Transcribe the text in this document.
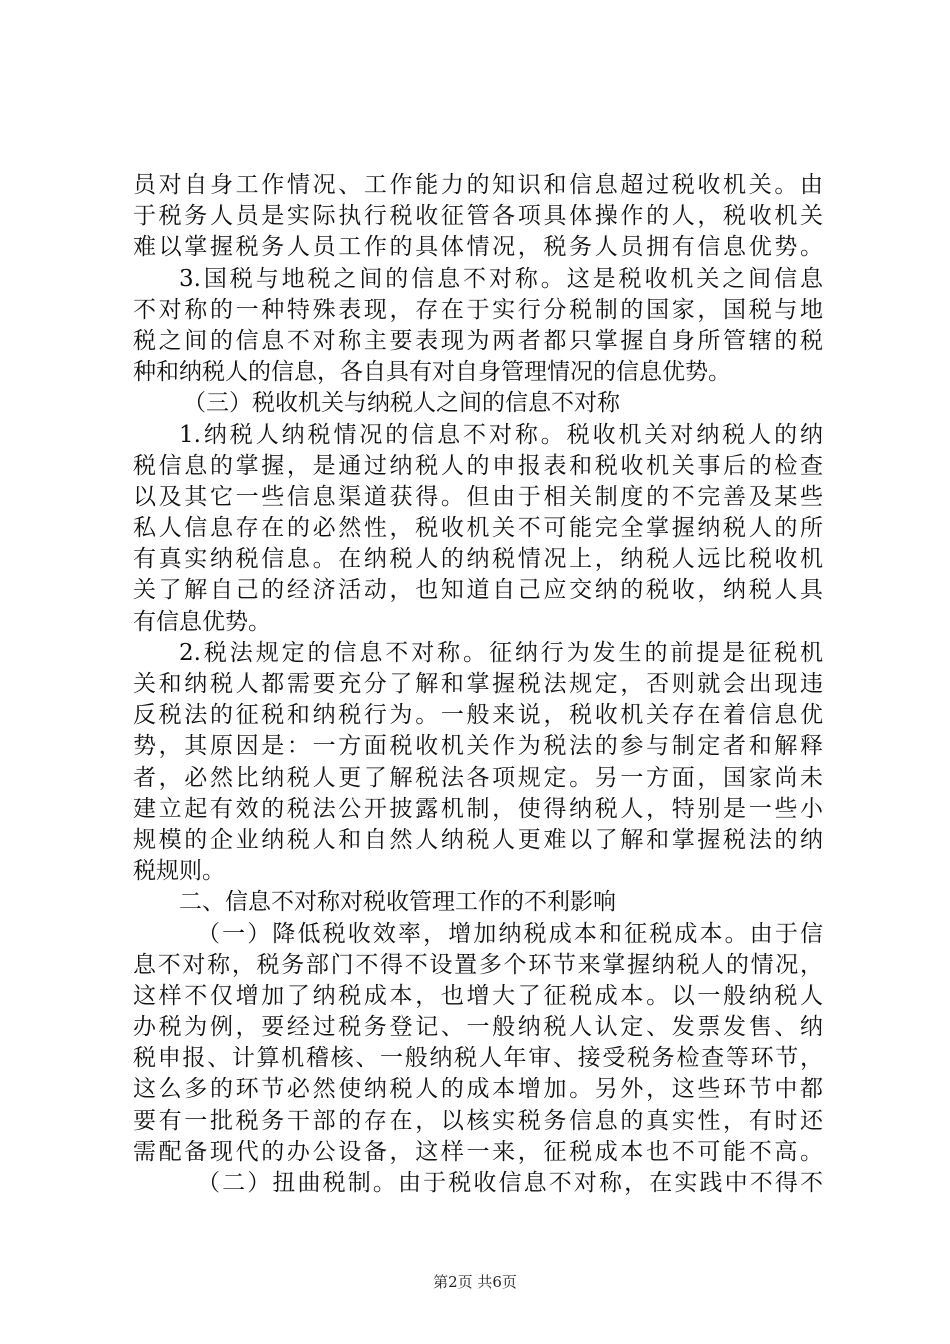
员对自身工作情况、工作能力的知识和信息超过税收机关。由
于税务人员是实际执行税收征管各项具体操作的人，税收机关
难以掌握税务人员工作的具体情况，税务人员拥有信息优势。
3.国税与地税之间的信息不对称。这是税收机关之间信息
不对称的一种特殊表现，存在于实行分税制的国家，国税与地
税之间的信息不对称主要表现为两者都只掌握自身所管辖的税
种和纳税人的信息，各自具有对自身管理情况的信息优势。
（三）税收机关与纳税人之间的信息不对称
1.纳税人纳税情况的信息不对称。税收机关对纳税人的纳
税信息的掌握，是通过纳税人的申报表和税收机关事后的检查
以及其它一些信息渠道获得。但由于相关制度的不完善及某些
私人信息存在的必然性，税收机关不可能完全掌握纳税人的所
有真实纳税信息。在纳税人的纳税情况上，纳税人远比税收机
关了解自己的经济活动，也知道自己应交纳的税收，纳税人具
有信息优势。
2.税法规定的信息不对称。征纳行为发生的前提是征税机
关和纳税人都需要充分了解和掌握税法规定，否则就会出现违
反税法的征税和纳税行为。一般来说，税收机关存在着信息优
势，其原因是：一方面税收机关作为税法的参与制定者和解释
者，必然比纳税人更了解税法各项规定。另一方面，国家尚未
建立起有效的税法公开披露机制，使得纳税人，特别是一些小
规模的企业纳税人和自然人纳税人更难以了解和掌握税法的纳
税规则。
二、信息不对称对税收管理工作的不利影响
（一）降低税收效率，增加纳税成本和征税成本。由于信
息不对称，税务部门不得不设置多个环节来掌握纳税人的情况，
这样不仅增加了纳税成本，也增大了征税成本。以一般纳税人
办税为例，要经过税务登记、一般纳税人认定、发票发售、纳
税申报、计算机稽核、一般纳税人年审、接受税务检查等环节，
这么多的环节必然使纳税人的成本增加。另外，这些环节中都
要有一批税务干部的存在，以核实税务信息的真实性，有时还
需配备现代的办公设备，这样一来，征税成本也不可能不高。
（二）扭曲税制。由于税收信息不对称，在实践中不得不
第2页 共6页
